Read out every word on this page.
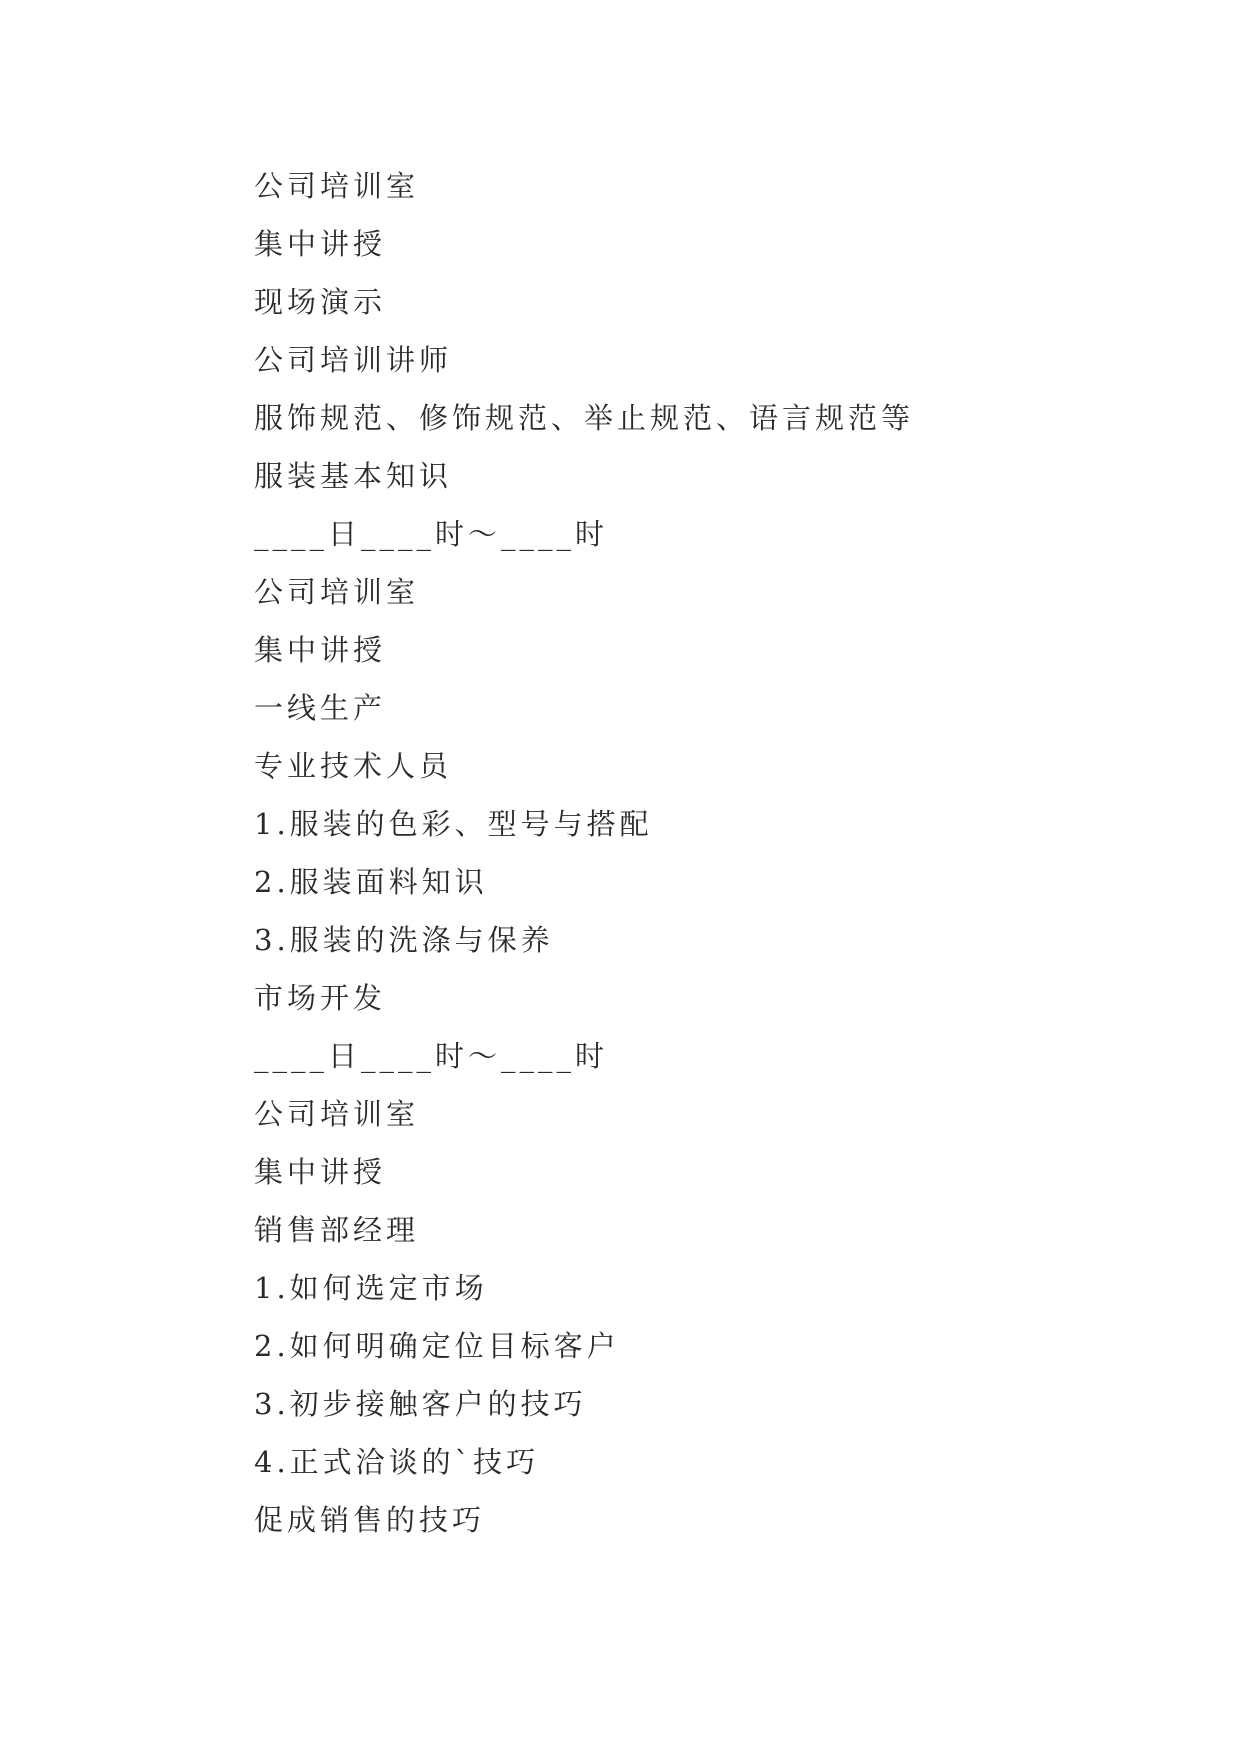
公司培训室

集中讲授

现场演示

公司培训讲师

服饰规范、修饰规范、举止规范、语言规范等

服装基本知识

____日____时～____时

公司培训室

集中讲授

一线生产

专业技术人员

1.服装的色彩、型号与搭配

2.服装面料知识

3.服装的洗涤与保养

市场开发

____日____时～____时

公司培训室

集中讲授

销售部经理

1.如何选定市场

2.如何明确定位目标客户

3.初步接触客户的技巧

4.正式洽谈的`技巧

促成销售的技巧
